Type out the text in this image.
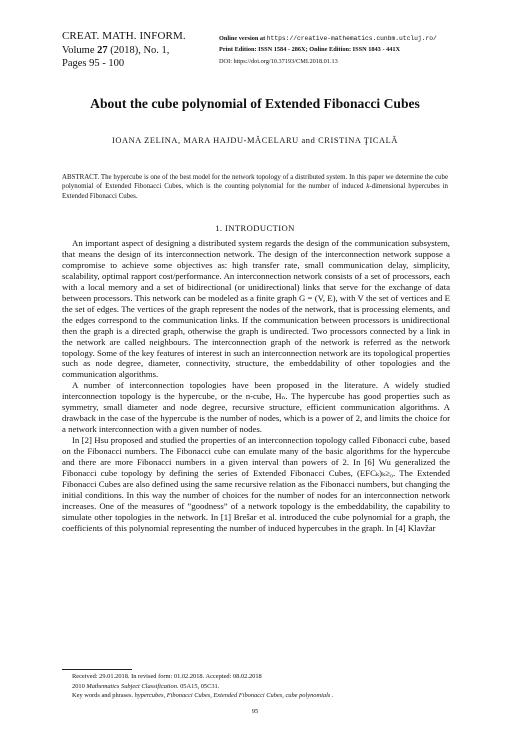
CREAT. MATH. INFORM.
Volume 27 (2018), No. 1,
Pages 95 - 100
Online version at https://creative-mathematics.cunbm.utcluj.ro/
Print Edition: ISSN 1584 - 286X; Online Edition: ISSN 1843 - 441X
DOI: https://doi.org/10.37193/CMI.2018.01.13
About the cube polynomial of Extended Fibonacci Cubes
IOANA ZELINA, MARA HAJDU-MĂCELARU and CRISTINA ŢICALĂ
ABSTRACT. The hypercube is one of the best model for the network topology of a distributed system. In this paper we determine the cube polynomial of Extended Fibonacci Cubes, which is the counting polynomial for the number of induced k-dimensional hypercubes in Extended Fibonacci Cubes.
1. INTRODUCTION

An important aspect of designing a distributed system regards the design of the communication subsystem, that means the design of its interconnection network. The design of the interconnection network suppose a compromise to achieve some objectives as: high transfer rate, small communication delay, simplicity, scalability, optimal rapport cost/performance. An interconnection network consists of a set of processors, each with a local memory and a set of bidirectional (or unidirectional) links that serve for the exchange of data between processors. This network can be modeled as a finite graph G = (V, E), with V the set of vertices and E the set of edges. The vertices of the graph represent the nodes of the network, that is processing elements, and the edges correspond to the communication links. If the communication between processors is unidirectional then the graph is a directed graph, otherwise the graph is undirected. Two processors connected by a link in the network are called neighbours. The interconnection graph of the network is referred as the network topology. Some of the key features of interest in such an interconnection network are its topological properties such as node degree, diameter, connectivity, structure, the embeddability of other topologies and the communication algorithms.

A number of interconnection topologies have been proposed in the literature. A widely studied interconnection topology is the hypercube, or the n-cube, Hₙ. The hypercube has good properties such as symmetry, small diameter and node degree, recursive structure, efficient communication algorithms. A drawback in the case of the hypercube is the number of nodes, which is a power of 2, and limits the choice for a network interconnection with a given number of nodes.

In [2] Hsu proposed and studied the properties of an interconnection topology called Fibonacci cube, based on the Fibonacci numbers. The Fibonacci cube can emulate many of the basic algorithms for the hypercube and there are more Fibonacci numbers in a given interval than powers of 2. In [6] Wu generalized the Fibonacci cube topology by defining the series of Extended Fibonacci Cubes, (EFCₖ)ₖ≥₀. The Extended Fibonacci Cubes are also defined using the same recursive relation as the Fibonacci numbers, but changing the initial conditions. In this way the number of choices for the number of nodes for an interconnection network increases. One of the measures of ”goodness” of a network topology is the embeddability, the capability to simulate other topologies in the network. In [1] Brešar et al. introduced the cube polynomial for a graph, the coefficients of this polynomial representing the number of induced hypercubes in the graph. In [4] Klavžar

Received: 29.01.2018. In revised form: 01.02.2018. Accepted: 08.02.2018
2010 Mathematics Subject Classification. 05A15, 05C31.
Key words and phrases. hypercubes, Fibonacci Cubes, Extended Fibonacci Cubes, cube polynomials .
95
